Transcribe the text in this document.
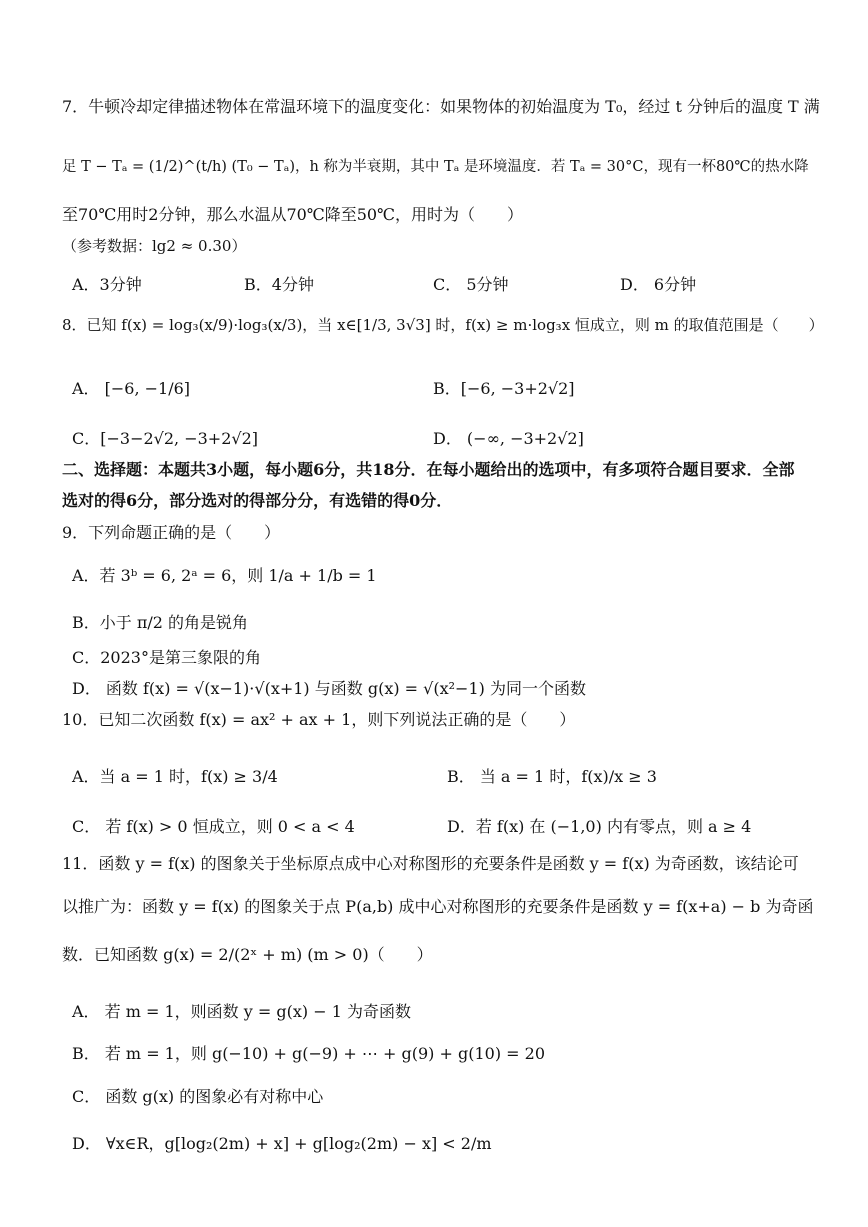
7．牛顿冷却定律描述物体在常温环境下的温度变化：如果物体的初始温度为 T₀，经过 t 分钟后的温度 T 满
足 T − Tₐ = (1/2)^(t/h) (T₀ − Tₐ)，h 称为半衰期，其中 Tₐ 是环境温度．若 Tₐ = 30°C，现有一杯80℃的热水降
至70℃用时2分钟，那么水温从70℃降至50℃，用时为（　　）
（参考数据：lg2 ≈ 0.30）
A．3分钟	B．4分钟	C． 5分钟	D． 6分钟
8．已知 f(x) = log₃(x/9)·log₃(x/3)，当 x∈[1/3, 3√3] 时，f(x) ≥ m·log₃x 恒成立，则 m 的取值范围是（　　）
A． [−6, −1/6]	B．[−6, −3+2√2]
C．[−3−2√2, −3+2√2]	D． (−∞, −3+2√2]
二、选择题：本题共3小题，每小题6分，共18分．在每小题给出的选项中，有多项符合题目要求．全部
选对的得6分，部分选对的得部分分，有选错的得0分．
9．下列命题正确的是（　　）
A．若 3ᵇ = 6, 2ᵃ = 6，则 1/a + 1/b = 1
B．小于 π/2 的角是锐角
C．2023°是第三象限的角
D． 函数 f(x) = √(x−1)·√(x+1) 与函数 g(x) = √(x²−1) 为同一个函数
10．已知二次函数 f(x) = ax² + ax + 1，则下列说法正确的是（　　）
A．当 a = 1 时，f(x) ≥ 3/4	B． 当 a = 1 时，f(x)/x ≥ 3
C． 若 f(x) > 0 恒成立，则 0 < a < 4	D．若 f(x) 在 (−1,0) 内有零点，则 a ≥ 4
11．函数 y = f(x) 的图象关于坐标原点成中心对称图形的充要条件是函数 y = f(x) 为奇函数，该结论可
以推广为：函数 y = f(x) 的图象关于点 P(a,b) 成中心对称图形的充要条件是函数 y = f(x+a) − b 为奇函
数．已知函数 g(x) = 2/(2ˣ + m) (m > 0)（　　）
A． 若 m = 1，则函数 y = g(x) − 1 为奇函数
B． 若 m = 1，则 g(−10) + g(−9) + ⋯ + g(9) + g(10) = 20
C． 函数 g(x) 的图象必有对称中心
D． ∀x∈R，g[log₂(2m) + x] + g[log₂(2m) − x] < 2/m
